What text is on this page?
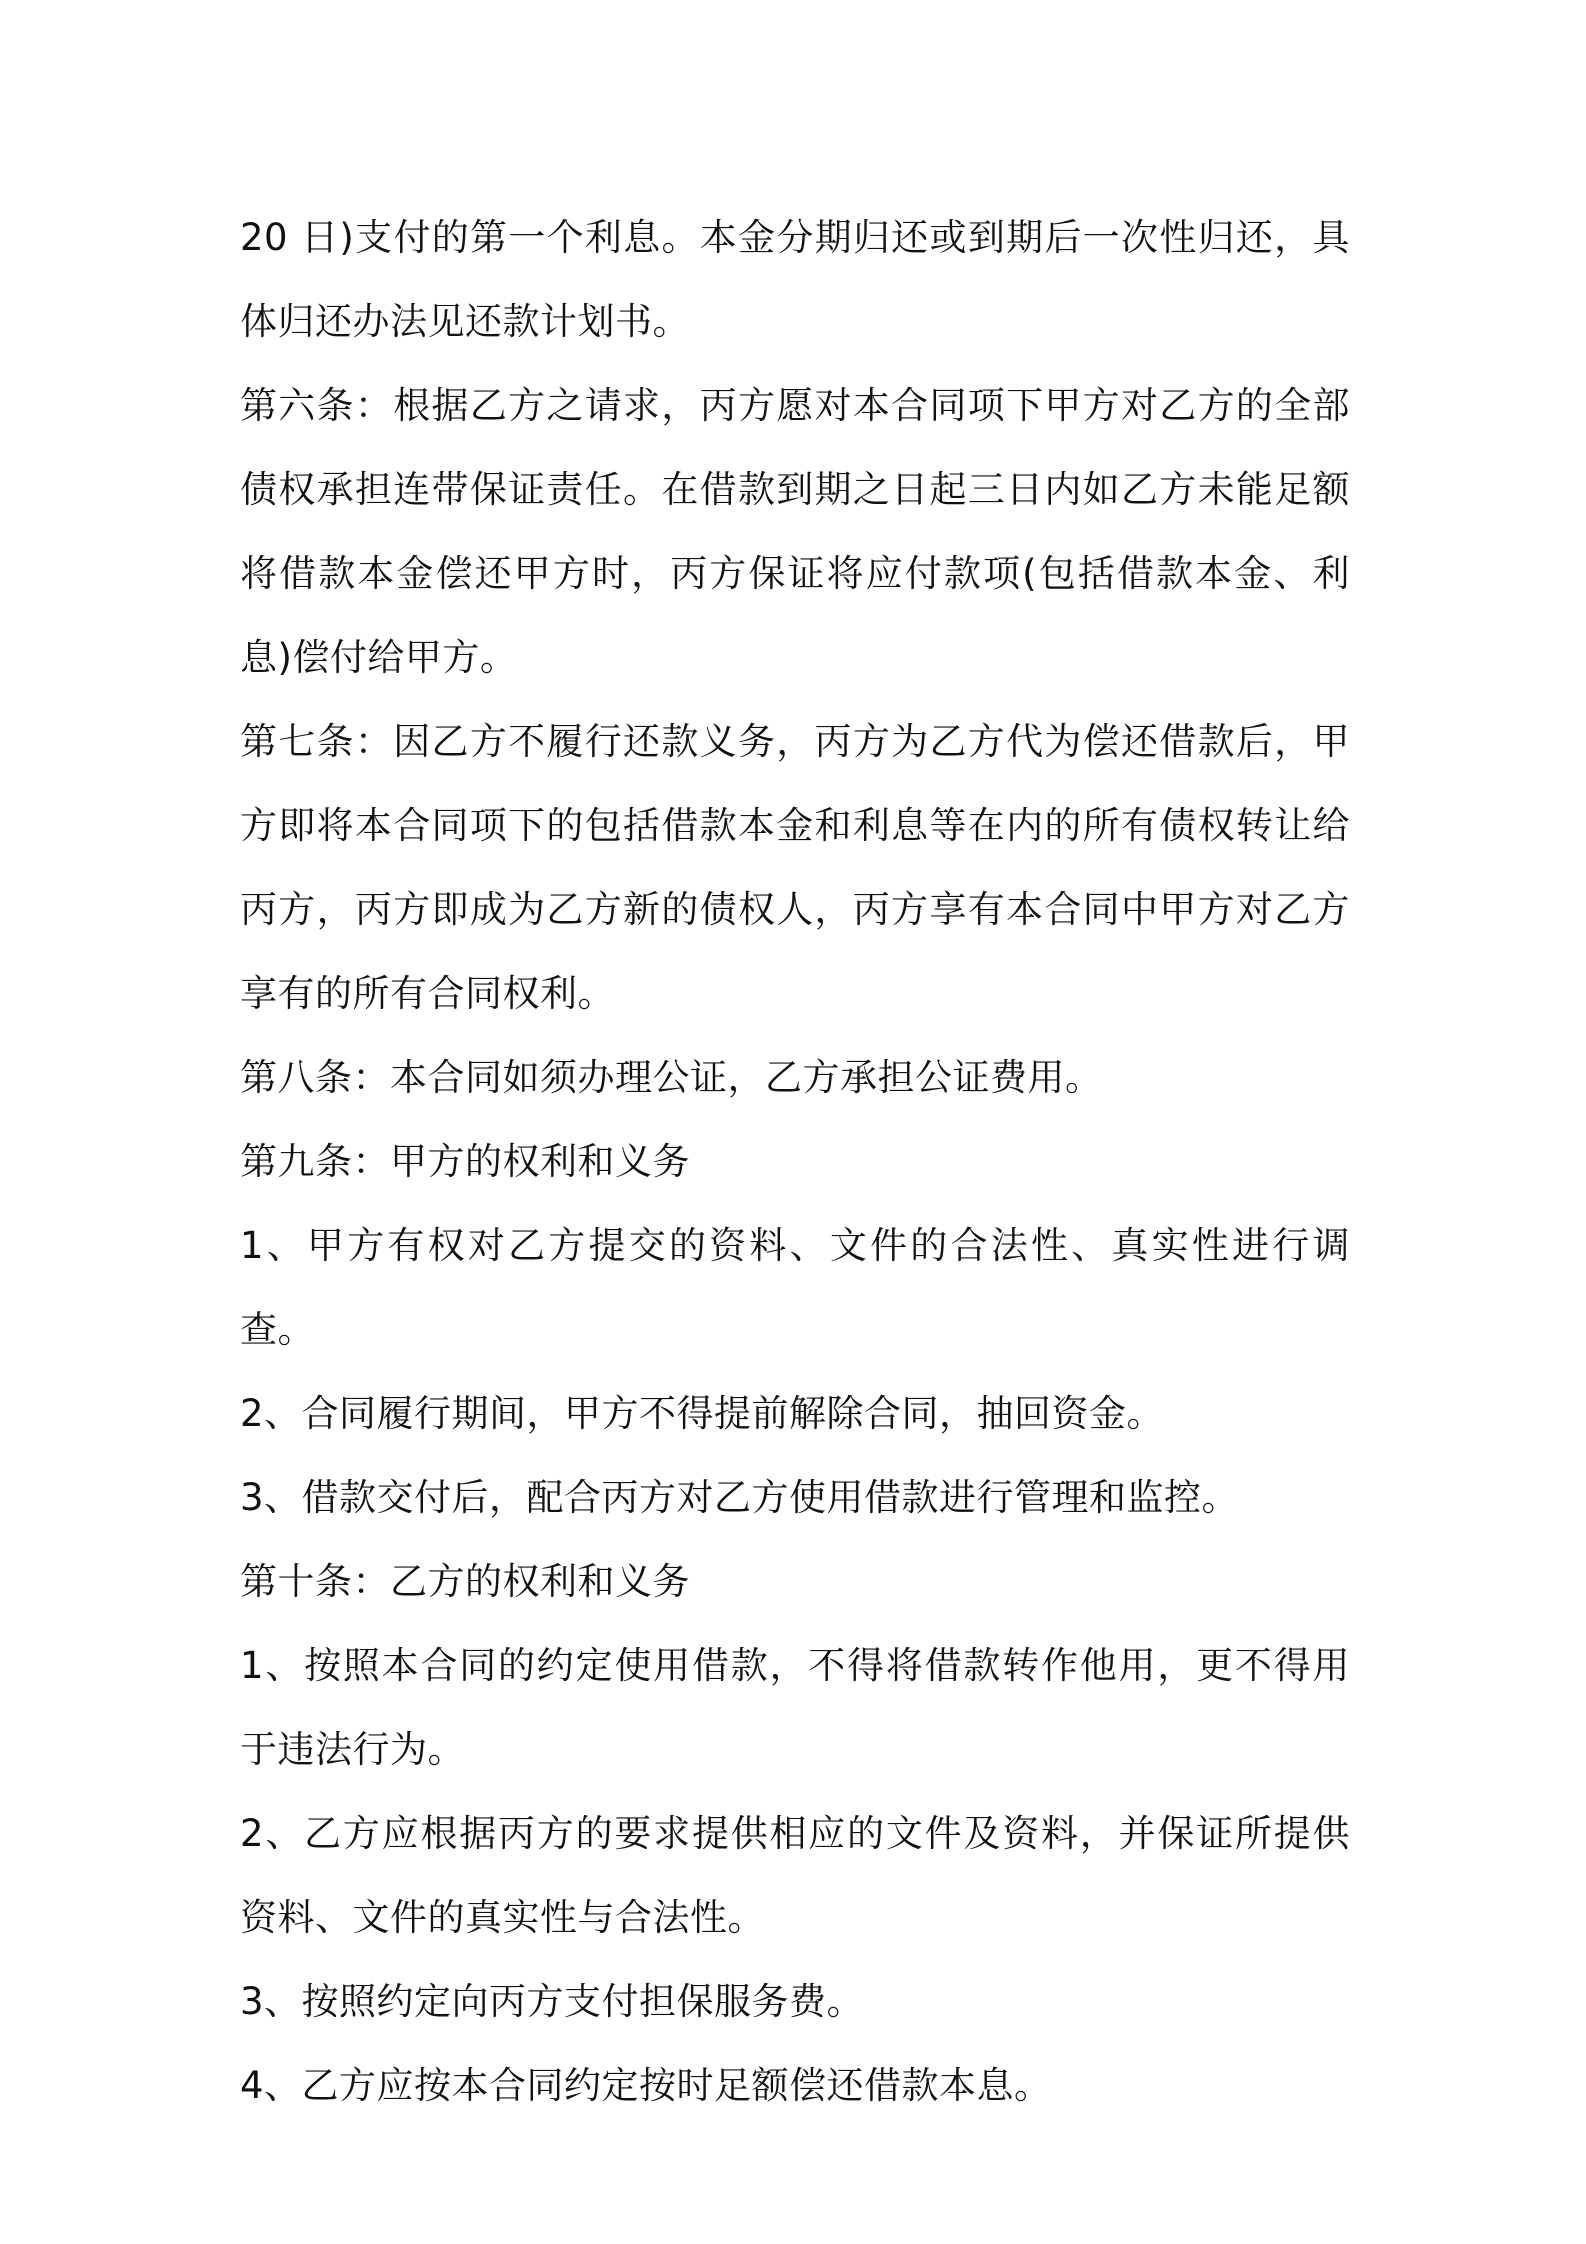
20 日)支付的第一个利息。本金分期归还或到期后一次性归还，具体归还办法见还款计划书。

第六条：根据乙方之请求，丙方愿对本合同项下甲方对乙方的全部债权承担连带保证责任。在借款到期之日起三日内如乙方未能足额将借款本金偿还甲方时，丙方保证将应付款项(包括借款本金、利息)偿付给甲方。

第七条：因乙方不履行还款义务，丙方为乙方代为偿还借款后，甲方即将本合同项下的包括借款本金和利息等在内的所有债权转让给丙方，丙方即成为乙方新的债权人，丙方享有本合同中甲方对乙方享有的所有合同权利。

第八条：本合同如须办理公证，乙方承担公证费用。

第九条：甲方的权利和义务

1、甲方有权对乙方提交的资料、文件的合法性、真实性进行调查。

2、合同履行期间，甲方不得提前解除合同，抽回资金。

3、借款交付后，配合丙方对乙方使用借款进行管理和监控。

第十条：乙方的权利和义务

1、按照本合同的约定使用借款，不得将借款转作他用，更不得用于违法行为。

2、乙方应根据丙方的要求提供相应的文件及资料，并保证所提供资料、文件的真实性与合法性。

3、按照约定向丙方支付担保服务费。

4、乙方应按本合同约定按时足额偿还借款本息。
